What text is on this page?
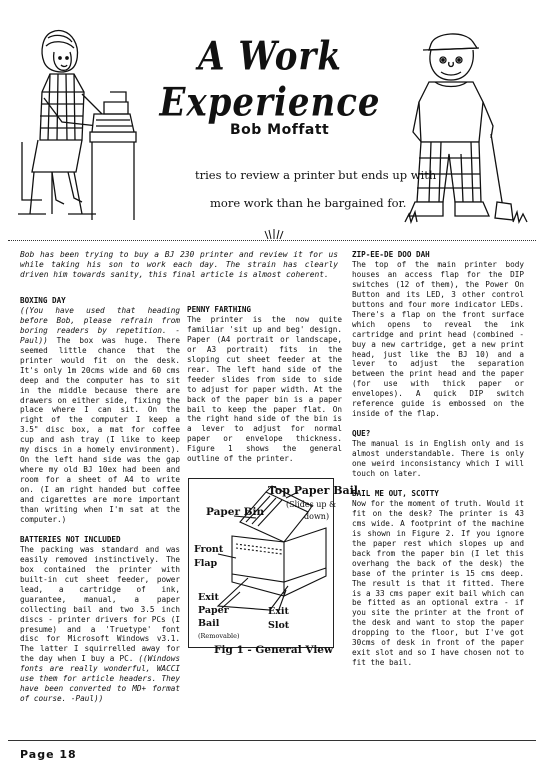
A Work Experience
Bob Moffatt
tries to review a printer but ends up with
more work than he bargained for.
Bob has been trying to buy a BJ 230 printer and review it for us while taking his son to work each day. The strain has clearly driven him towards sanity, this final article is almost coherent.
BOXING DAY

((You have used that heading before Bob, please refrain from boring readers by repetition. -Paul)) The box was huge. There seemed little chance that the printer would fit on the desk. It's only 1m 20cms wide and 60 cms deep and the computer has to sit in the middle because there are drawers on either side, fixing the place where I can sit. On the right of the computer I keep a 3.5" disc box, a mat for coffee cup and ash tray (I like to keep my discs in a homely environment). On the left hand side was the gap where my old BJ 10ex had been and room for a sheet of A4 to write on. (I am right handed but coffee and cigarettes are more important than writing when I'm sat at the computer.)

BATTERIES NOT INCLUDED

The packing was standard and was easily removed instinctively. The box contained the printer with built-in cut sheet feeder, power lead, a cartridge of ink, guarantee, manual, a paper collecting bail and two 3.5 inch discs - printer drivers for PCs (I presume) and a 'Truetype' font disc for Microsoft Windows v3.1. The latter I squirrelled away for the day when I buy a PC. ((Windows fonts are really wonderful, WACCI use them for article headers. They have been converted to MD+ format of course. -Paul))

PENNY FARTHING

The printer is the now quite familiar 'sit up and beg' design. Paper (A4 portrait or landscape, or A3 portrait) fits in the sloping cut sheet feeder at the rear. The left hand side of the feeder slides from side to side to adjust for paper width. At the back of the paper bin is a paper bail to keep the paper flat. On the right hand side of the bin is a lever to adjust for normal paper or envelope thickness. Figure 1 shows the general outline of the printer.

Top Paper Bail
(Slides up &
down)
Paper Bin
Front
Flap
Exit
Paper
Bail
(Removable)
Exit
Slot
Fig 1 - General View
ZIP-EE-DE DOO DAH

The top of the main printer body houses an access flap for the DIP switches (12 of them), the Power On Button and its LED, 3 other control buttons and four more indicator LEDs. There's a flap on the front surface which opens to reveal the ink cartridge and print head (combined - buy a new cartridge, get a new print head, just like the BJ 10) and a lever to adjust the separation between the print head and the paper (for use with thick paper or envelopes). A quick DIP switch reference guide is embossed on the inside of the flap.

QUE?

The manual is in English only and is almost understandable. There is only one weird inconsistancy which I will touch on later.

BAIL ME OUT, SCOTTY

Now for the moment of truth. Would it fit on the desk? The printer is 43 cms wide. A footprint of the machine is shown in Figure 2. If you ignore the paper rest which slopes up and back from the paper bin (I let this overhang the back of the desk) the base of the printer is 15 cms deep. The result is that it fitted. There is a 33 cms paper exit bail which can be fitted as an optional extra - if you site the printer at the front of the desk and want to stop the paper dropping to the floor, but I've got 30cms of desk in front of the paper exit slot and so I have chosen not to fit the bail.

Page 18
